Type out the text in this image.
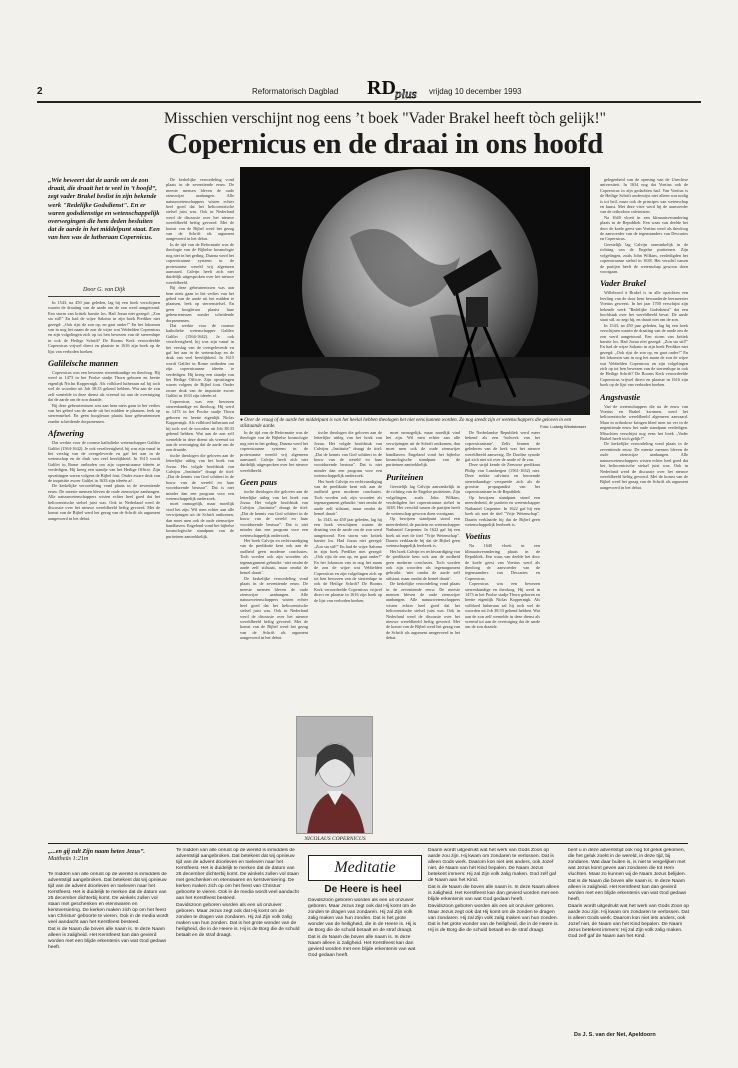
2	Reformatorisch Dagblad RD plus vrijdag 10 december 1993
Misschien verschijnt nog eens ’t boek "Vader Brakel heeft tòch gelijk!"
Copernicus en de draai in ons hoofd
„Wie beweert dat de aarde om de zon draait, die draait het te veel in ’t hoofd”, zegt vader Brakel beslist in zijn bekende werk "Redelijke Godsdienst". En er waren godsdienstige en wetenschappelijk overwegingen die hem deden besluiten dat de aarde in het middelpunt staat. Een van hen was de lutheraan Copernicus.
Door G. van Dijk

In 1543, na 450 jaar geleden, lag hij een boek verschijnen waarin de draaiing van de aarde om de zon werd aangetoond. Een storm van kritiek barstte los. Had Jozua niet gezegd: „Zon sta stil!” En had de wijze Salomo in zijn boek Prediker niet gezegd: „Ook rijst de zon op, en gaat onder!” En het lokomon van in nog het naam de zon de wijze wat Vebbelden Copernicus en zijn volgelingen zich op tot hen bewezen van de sterrenlupe in ook de Heilige Schrift? De Rooms Kerk veroordeelde Copernicus vrijwel direct en plaatste in 1616 zijn boek op de lijst van verboden boeken.

Galileïsche mannen

Copernicus was een bewezen sterrenkundige en theoloog. Hij werd in 1473 in het Poolse stadje Thorn geboren en heette eigenlijk Niclas Koppernigk. Als volbloed lutheraan zal hij toch wel de woorden uit Job 38:33 gekend hebben. Wat aan de zon zelf wentelde in deze dienst als vreemd tot aan de overtuiging dat de aarde om de zon draaide.

Bij deze gebeurtenissen was aan hem niets gaan in het verlies van het gebed van de aarde uit het midden te plaatsen, leek op sterrenstelsel. En geen hoogleraar plaatst haar gebeurtenissen zonder scheidende dorpsmensen.

Afzwering

Dat werkte voor de roomse katholieke wetenschapper Galileo Galilei (1564-1642). Je ook verzilverigheid, hij was zijn vanaf in het verslag van de overgeleverde en gaf het aan in de wetenschap en de druk van veel heerlijkheid. In 1615 wordt Galilei in Rome ontboden om zijn copernicaanse ideeën te verdedigen. Hij kreeg een standje van het Heilige Officie. Zijn opvattingen waren volgens de Bijbel fout. Onder zware druk van de inquisitie zwoer Galilei in 1633 zijn ideeën af.

De kerkelijke veroordeling vond plaats in de zeventiende eeuw. De meeste mensen bleven de oude zienswijze aanhangen. Alle natuurwetenschappers wisten echter heel goed dat het heliocentrische stelsel juist was. Ook in Nederland werd de discussie over het nieuwe wereldbeeld heftig gevoerd. Met de komst van de Bijbel werd het gezag van de Schrift als argument aangevoerd in het debat.

De kerkelijke veroordeling vond plaats in de zeventiende eeuw. De meeste mensen bleven de oude zienswijze aanhangen. Alle natuurwetenschappers wisten echter heel goed dat het heliocentrische stelsel juist was. Ook in Nederland werd de discussie over het nieuwe wereldbeeld heftig gevoerd. Met de komst van de Bijbel werd het gezag van de Schrift als argument aangevoerd in het debat.

In de tijd van de Reformatie was de theologie van de Bijbelse kosmologie nog niet in het geding. Daarna werd het copernicaanse systeem in de protestantse wereld vrij algemeen aanvaard. Calvijn heeft zich niet duidelijk uitgesproken over het nieuwe wereldbeeld.

Bij deze gebeurtenissen was aan hem niets gaan in het verlies van het gebed van de aarde uit het midden te plaatsen, leek op sterrenstelsel. En geen hoogleraar plaatst haar gebeurtenissen zonder scheidende dorpsmensen.

Dat werkte voor de roomse katholieke wetenschapper Galileo Galilei (1564-1642). Je ook verzilverigheid, hij was zijn vanaf in het verslag van de overgeleverde en gaf het aan in de wetenschap en de druk van veel heerlijkheid. In 1615 wordt Galilei in Rome ontboden om zijn copernicaanse ideeën te verdedigen. Hij kreeg een standje van het Heilige Officie. Zijn opvattingen waren volgens de Bijbel fout. Onder zware druk van de inquisitie zwoer Galilei in 1633 zijn ideeën af.

Copernicus was een bewezen sterrenkundige en theoloog. Hij werd in 1473 in het Poolse stadje Thorn geboren en heette eigenlijk Niclas Koppernigk. Als volbloed lutheraan zal hij toch wel de woorden uit Job 38:33 gekend hebben. Wat aan de zon zelf wentelde in deze dienst als vreemd tot aan de overtuiging dat de aarde om de zon draaide.

tische theologen die geloven aan de letterlijke uitleg van het boek van Jozua. Het volgde hoofdstuk van Calvijns „Institutie” draagt de titel: „Dat de kennis van God schittert in de bouw van de wereld en haar voortdurende bestuur”. Dat is niet minder dan een program voor een wetenschappelijk onderzoek.

moet onmogelijk, maar moeilijk vind het zijn. Wil men echter aan alle verwijzingen uit de Schrift ontkomen, dan moet men ook de oude zienswijze handhaven. Engeland vond het bijbelse kosmologische standpunt van de puriteinen aantrekkelijk.

● Over de vraag of de aarde het middelpunt is van het heelal hebben theologen het niet eens kunnen worden. Zo nog steeds zijn er wetenschappers die geloven in een stilstaande aarde.	Foto: Ludwig Windstosser

In de tijd van de Reformatie was de theologie van de Bijbelse kosmologie nog niet in het geding. Daarna werd het copernicaanse systeem in de protestantse wereld vrij algemeen aanvaard. Calvijn heeft zich niet duidelijk uitgesproken over het nieuwe wereldbeeld.

Geen paus

tische theologen die geloven aan de letterlijke uitleg van het boek van Jozua. Het volgde hoofdstuk van Calvijns „Institutie” draagt de titel: „Dat de kennis van God schittert in de bouw van de wereld en haar voortdurende bestuur”. Dat is niet minder dan een program voor een wetenschappelijk onderzoek.

Het boek Calvijn en rechtvaardiging van de predikatie kent ook aan de oudheid geen moderne conclusies. Toch worden ook zijn woorden als tegenargument gebruikt: ‘niet omdat de aarde zelf stilstaat, maar omdat de hemel draait’.

De kerkelijke veroordeling vond plaats in de zeventiende eeuw. De meeste mensen bleven de oude zienswijze aanhangen. Alle natuurwetenschappers wisten echter heel goed dat het heliocentrische stelsel juist was. Ook in Nederland werd de discussie over het nieuwe wereldbeeld heftig gevoerd. Met de komst van de Bijbel werd het gezag van de Schrift als argument aangevoerd in het debat.

tische theologen die geloven aan de letterlijke uitleg van het boek van Jozua. Het volgde hoofdstuk van Calvijns „Institutie” draagt de titel: „Dat de kennis van God schittert in de bouw van de wereld en haar voortdurende bestuur”. Dat is niet minder dan een program voor een wetenschappelijk onderzoek.

Het boek Calvijn en rechtvaardiging van de predikatie kent ook aan de oudheid geen moderne conclusies. Toch worden ook zijn woorden als tegenargument gebruikt: ‘niet omdat de aarde zelf stilstaat, maar omdat de hemel draait’.

In 1543, na 450 jaar geleden, lag hij een boek verschijnen waarin de draaiing van de aarde om de zon werd aangetoond. Een storm van kritiek barstte los. Had Jozua niet gezegd: „Zon sta stil!” En had de wijze Salomo in zijn boek Prediker niet gezegd: „Ook rijst de zon op, en gaat onder!” En het lokomon van in nog het naam de zon de wijze wat Vebbelden Copernicus en zijn volgelingen zich op tot hen bewezen van de sterrenlupe in ook de Heilige Schrift? De Rooms Kerk veroordeelde Copernicus vrijwel direct en plaatste in 1616 zijn boek op de lijst van verboden boeken.

NICOLAUS COPERNICUS

moet onmogelijk, maar moeilijk vind het zijn. Wil men echter aan alle verwijzingen uit de Schrift ontkomen, dan moet men ook de oude zienswijze handhaven. Engeland vond het bijbelse kosmologische standpunt van de puriteinen aantrekkelijk.

Puriteinen

Geestelijk lag Calvijn aanvankelijk in de richting van de Engelse puriteinen. Zijn volgelingen, zoals John Wilkins, verdedigden het copernicaanse stelsel in 1638. Het verschil tussen de partijen heeft de wetenschap gewoon doen voortgaan.

Op bewijzen standpunt stond een meerderheid, de puritein en wetenschapper Nathaniel Carpenter. In 1622 gaf hij een boek uit met de titel "Vrije Wetenschap". Daarin verklaarde hij dat de Bijbel geen wetenschappelijk leerboek is.

Het boek Calvijn en rechtvaardiging van de predikatie kent ook aan de oudheid geen moderne conclusies. Toch worden ook zijn woorden als tegenargument gebruikt: ‘niet omdat de aarde zelf stilstaat, maar omdat de hemel draait’.

De kerkelijke veroordeling vond plaats in de zeventiende eeuw. De meeste mensen bleven de oude zienswijze aanhangen. Alle natuurwetenschappers wisten echter heel goed dat het heliocentrische stelsel juist was. Ook in Nederland werd de discussie over het nieuwe wereldbeeld heftig gevoerd. Met de komst van de Bijbel werd het gezag van de Schrift als argument aangevoerd in het debat.

De Nederlandse Republiek werd meer bekend als een ‘bolwerk van het copernicanisme’. Zelfs binnen de gelederen van de kerk was het nieuwe wereldbeeld aanwezig. De Dordtse synode gaf zich niet uit over de aarde of de zon.

Deze strijd kende de Zeeuwse predikant Philip van Lansbergen (1561-1632) niet. Deze trekke calvinist en beroemde sterrenkundige verspreide zich als de grootste propagandist van het copernicanisme in de Republiek.

Op bewijzen standpunt stond een meerderheid, de puritein en wetenschapper Nathaniel Carpenter. In 1622 gaf hij een boek uit met de titel "Vrije Wetenschap". Daarin verklaarde hij dat de Bijbel geen wetenschappelijk leerboek is.

Voetius

Na 1640 vloeit in een klimaatsverandering plaats in de Republiek. Een waas van deelde het door de koele geest van Voetius werd als theoloog de aanvoerder van de tegenstanders van Descartes en Copernicus.

Copernicus was een bewezen sterrenkundige en theoloog. Hij werd in 1473 in het Poolse stadje Thorn geboren en heette eigenlijk Niclas Koppernigk. Als volbloed lutheraan zal hij toch wel de woorden uit Job 38:33 gekend hebben. Wat aan de zon zelf wentelde in deze dienst als vreemd tot aan de overtuiging dat de aarde om de zon draaide.

gelegenheid van de opening van de Utrechtse universiteit. In 1634 nog dat Voetius ook de Copernicus in zijn gedachten had. Van Voetius is de Heilige Schrift onderwijst niet alleen wat nodig is tot heil, maar ook de principes van wetenschap en kunst. Met deze visie werd hij de aanvoerder van de orthodoxe calvinisten.

Na 1640 vloeit in een klimaatsverandering plaats in de Republiek. Een waas van deelde het door de koele geest van Voetius werd als theoloog de aanvoerder van de tegenstanders van Descartes en Copernicus.

Geestelijk lag Calvijn aanvankelijk in de richting van de Engelse puriteinen. Zijn volgelingen, zoals John Wilkins, verdedigden het copernicaanse stelsel in 1638. Het verschil tussen de partijen heeft de wetenschap gewoon doen voortgaan.

Vader Brakel

Willebrord à Brakel is in alle opzichten een leerling van de door hem bewonderde leermeester Voetius geweest. In het jaar 1700 verschijnt zijn bekende werk "Redelijke Godsdienst" dat een hoofdstuk over het wereldbeeld bevat. De aarde staat stil, zo zegt hij, en draait niet om de zon.

In 1543, na 450 jaar geleden, lag hij een boek verschijnen waarin de draaiing van de aarde om de zon werd aangetoond. Een storm van kritiek barstte los. Had Jozua niet gezegd: „Zon sta stil!” En had de wijze Salomo in zijn boek Prediker niet gezegd: „Ook rijst de zon op, en gaat onder!” En het lokomon van in nog het naam de zon de wijze wat Vebbelden Copernicus en zijn volgelingen zich op tot hen bewezen van de sterrenlupe in ook de Heilige Schrift? De Rooms Kerk veroordeelde Copernicus vrijwel direct en plaatste in 1616 zijn boek op de lijst van verboden boeken.

Angstvastie

Van de wetenschappers die na de eeuw van Voetius en Brakel kwamen, werd het heliocentrische wereldbeeld algemeen aanvaard. Maar in orthodoxe kringen bleef men tot ver in de negentiende eeuw het oude standpunt verdedigen. Misschien verschijnt nog eens het boek „Vader Brakel heeft tòch gelijk!”.

De kerkelijke veroordeling vond plaats in de zeventiende eeuw. De meeste mensen bleven de oude zienswijze aanhangen. Alle natuurwetenschappers wisten echter heel goed dat het heliocentrische stelsel juist was. Ook in Nederland werd de discussie over het nieuwe wereldbeeld heftig gevoerd. Met de komst van de Bijbel werd het gezag van de Schrift als argument aangevoerd in het debat.

„...en gij zult Zijn naam heten Jezus”.
Mattheüs 1:21m

Te midden van alle onrust op de wereld is inmiddels de adventstijd aangebroken. Dat betekent dat wij opnieuw tijd van de advent doorleven en toeleven naar het Kerstfeest. Het is duidelijk te merken dat de datum van 25 december dichterbij komt. De winkels zullen vol staan met geschenken en etenswaren en kerstversiering. De kerken maken zich op om het feest van Christus’ geboorte te vieren. Ook in de media wordt veel aandacht aan het Kerstfeest besteed.

Dat is de Naam die boven alle naam is. In deze Naam alleen is zaligheid. Het Kerstfeest kan dan gevierd worden met een blijde erkentenis van wat God gedaan heeft.

Te midden van alle onrust op de wereld is inmiddels de adventstijd aangebroken. Dat betekent dat wij opnieuw tijd van de advent doorleven en toeleven naar het Kerstfeest. Het is duidelijk te merken dat de datum van 25 december dichterbij komt. De winkels zullen vol staan met geschenken en etenswaren en kerstversiering. De kerken maken zich op om het feest van Christus’ geboorte te vieren. Ook in de media wordt veel aandacht aan het Kerstfeest besteed.

Davidszoon geboren worden als een uit onzuiver geboren. Maar Jezus zegt ook dat Hij komt om de zonden te dragen van zondaren. Hij zal Zijn volk zalig maken van hun zonden. Dat is het grote wonder van de heiligheid, die in de Heere is. Hij is de Borg die de schuld betaalt en de straf draagt.

Meditatie
De Heere is heel

Davidszoon geboren worden als een uit onzuiver geboren. Maar Jezus zegt ook dat Hij komt om de zonden te dragen van zondaren. Hij zal Zijn volk zalig maken van hun zonden. Dat is het grote wonder van de heiligheid, die in de Heere is. Hij is de Borg die de schuld betaalt en de straf draagt.

Dat is de Naam die boven alle naam is. In deze Naam alleen is zaligheid. Het Kerstfeest kan dan gevierd worden met een blijde erkentenis van wat God gedaan heeft.

Daarin wordt uitgedrukt wat het werk van Gods Zoon op aarde zou zijn. Hij kwam om zondaren te verlossen. Dat is alleen Gods werk. Daarom kon niet iets anders, ook Jozef niet, de Naam van het Kind bepalen. De Naam Jezus betekent immers: Hij zal Zijn volk zalig maken. God zelf gaf de Naam aan het Kind.

Dat is de Naam die boven alle naam is. In deze Naam alleen is zaligheid. Het Kerstfeest kan dan gevierd worden met een blijde erkentenis van wat God gedaan heeft.

Davidszoon geboren worden als een uit onzuiver geboren. Maar Jezus zegt ook dat Hij komt om de zonden te dragen van zondaren. Hij zal Zijn volk zalig maken van hun zonden. Dat is het grote wonder van de heiligheid, die in de Heere is. Hij is de Borg die de schuld betaalt en de straf draagt.

bent u in deze adventstijd ook nog tot geluk gekomen, die het geluk zoekt in de wereld, in deze tijd, bij zondaren. Wat daar buiten is, is niet te vergelijken met wat Jezus komt geven aan zondaren die tot Hem vluchten. Maar zo kunnen wij de Naam Jezus belijden.

Dat is de Naam die boven alle naam is. In deze Naam alleen is zaligheid. Het Kerstfeest kan dan gevierd worden met een blijde erkentenis van wat God gedaan heeft.

Daarin wordt uitgedrukt wat het werk van Gods Zoon op aarde zou zijn. Hij kwam om zondaren te verlossen. Dat is alleen Gods werk. Daarom kon niet iets anders, ook Jozef niet, de Naam van het Kind bepalen. De Naam Jezus betekent immers: Hij zal Zijn volk zalig maken. God zelf gaf de Naam aan het Kind.

Ds J. S. van der Net, Apeldoorn
